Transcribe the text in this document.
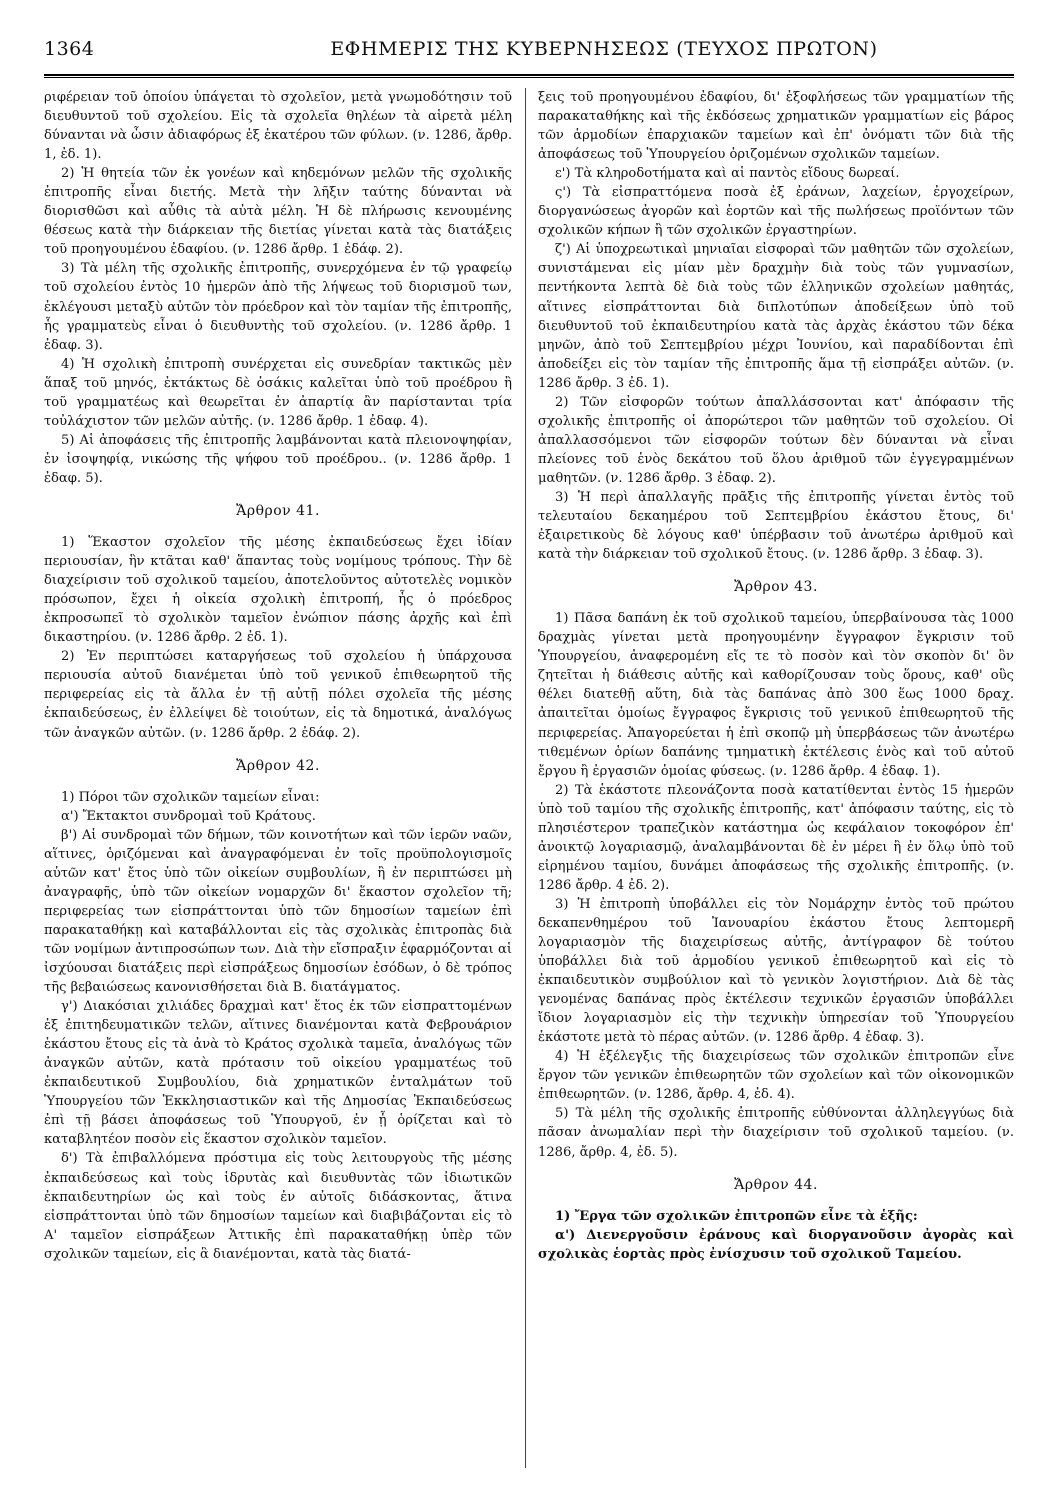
1364	ΕΦΗΜΕΡΙΣ ΤΗΣ ΚΥΒΕΡΝΗΣΕΩΣ (ΤΕΥΧΟΣ ΠΡΩΤΟΝ)

ριφέρειαν τοῦ ὁποίου ὑπάγεται τὸ σχολεῖον, μετὰ γνωμοδότησιν τοῦ διευθυντοῦ τοῦ σχολείου. Εἰς τὰ σχολεῖα θηλέων τὰ αἱρετὰ μέλη δύνανται νὰ ὦσιν ἀδιαφόρως ἐξ ἑκατέρου τῶν φύλων. (ν. 1286, ἄρθρ. 1, ἐδ. 1).

2) Ἡ θητεία τῶν ἐκ γονέων καὶ κηδεμόνων μελῶν τῆς σχολικῆς ἐπιτροπῆς εἶναι διετής. Μετὰ τὴν λῆξιν ταύτης δύνανται νὰ διορισθῶσι καὶ αὖθις τὰ αὐτὰ μέλη. Ἡ δὲ πλήρωσις κενουμένης θέσεως κατὰ τὴν διάρκειαν τῆς διετίας γίνεται κατὰ τὰς διατάξεις τοῦ προηγουμένου ἐδαφίου. (ν. 1286 ἄρθρ. 1 ἐδάφ. 2).

3) Τὰ μέλη τῆς σχολικῆς ἐπιτροπῆς, συνερχόμενα ἐν τῷ γραφείῳ τοῦ σχολείου ἐντὸς 10 ἡμερῶν ἀπὸ τῆς λήψεως τοῦ διορισμοῦ των, ἐκλέγουσι μεταξὺ αὐτῶν τὸν πρόεδρον καὶ τὸν ταμίαν τῆς ἐπιτροπῆς, ἧς γραμματεὺς εἶναι ὁ διευθυντὴς τοῦ σχολείου. (ν. 1286 ἄρθρ. 1 ἐδαφ. 3).

4) Ἡ σχολικὴ ἐπιτροπὴ συνέρχεται εἰς συνεδρίαν τακτικῶς μὲν ἅπαξ τοῦ μηνός, ἐκτάκτως δὲ ὁσάκις καλεῖται ὑπὸ τοῦ προέδρου ἢ τοῦ γραμματέως καὶ θεωρεῖται ἐν ἀπαρτίᾳ ἂν παρίστανται τρία τοὐλάχιστον τῶν μελῶν αὐτῆς. (ν. 1286 ἄρθρ. 1 ἐδαφ. 4).

5) Αἱ ἀποφάσεις τῆς ἐπιτροπῆς λαμβάνονται κατὰ πλειονοψηφίαν, ἐν ἰσοψηφίᾳ, νικώσης τῆς ψήφου τοῦ προέδρου.. (ν. 1286 ἄρθρ. 1 ἐδαφ. 5).

Ἄρθρον 41.

1) Ἕκαστον σχολεῖον τῆς μέσης ἐκπαιδεύσεως ἔχει ἰδίαν περιουσίαν, ἣν κτᾶται καθ' ἅπαντας τοὺς νομίμους τρόπους. Τὴν δὲ διαχείρισιν τοῦ σχολικοῦ ταμείου, ἀποτελοῦντος αὐτοτελὲς νομικὸν πρόσωπον, ἔχει ἡ οἰκεία σχολικὴ ἐπιτροπή, ἧς ὁ πρόεδρος ἐκπροσωπεῖ τὸ σχολικὸν ταμεῖον ἐνώπιον πάσης ἀρχῆς καὶ ἐπὶ δικαστηρίου. (ν. 1286 ἄρθρ. 2 ἐδ. 1).

2) Ἐν περιπτώσει καταργήσεως τοῦ σχολείου ἡ ὑπάρχουσα περιουσία αὐτοῦ διανέμεται ὑπὸ τοῦ γενικοῦ ἐπιθεωρητοῦ τῆς περιφερείας εἰς τὰ ἄλλα ἐν τῇ αὐτῇ πόλει σχολεῖα τῆς μέσης ἐκπαιδεύσεως, ἐν ἐλλείψει δὲ τοιούτων, εἰς τὰ δημοτικά, ἀναλόγως τῶν ἀναγκῶν αὐτῶν. (ν. 1286 ἄρθρ. 2 ἐδάφ. 2).

Ἄρθρον 42.

1) Πόροι τῶν σχολικῶν ταμείων εἶναι:

α') Ἔκτακτοι συνδρομαὶ τοῦ Κράτους.

β') Αἱ συνδρομαὶ τῶν δήμων, τῶν κοινοτήτων καὶ τῶν ἱερῶν ναῶν, αἵτινες, ὁριζόμεναι καὶ ἀναγραφόμεναι ἐν τοῖς προϋπολογισμοῖς αὐτῶν κατ' ἔτος ὑπὸ τῶν οἰκείων συμβουλίων, ἢ ἐν περιπτώσει μὴ ἀναγραφῆς, ὑπὸ τῶν οἰκείων νομαρχῶν δι' ἕκαστον σχολεῖον τῆ; περιφερείας των εἰσπράττονται ὑπὸ τῶν δημοσίων ταμείων ἐπὶ παρακαταθήκῃ καὶ καταβάλλονται εἰς τὰς σχολικὰς ἐπιτροπὰς διὰ τῶν νομίμων ἀντιπροσώπων των. Διὰ τὴν εἴσπραξιν ἐφαρμόζονται αἱ ἰσχύουσαι διατάξεις περὶ εἰσπράξεως δημοσίων ἐσόδων, ὁ δὲ τρόπος τῆς βεβαιώσεως κανονισθήσεται διὰ Β. διατάγματος.

γ') Διακόσιαι χιλιάδες δραχμαὶ κατ' ἔτος ἐκ τῶν εἰσπραττομένων ἐξ ἐπιτηδευματικῶν τελῶν, αἵτινες διανέμονται κατὰ Φεβρουάριον ἑκάστου ἔτους εἰς τὰ ἀνὰ τὸ Κράτος σχολικὰ ταμεῖα, ἀναλόγως τῶν ἀναγκῶν αὐτῶν, κατὰ πρότασιν τοῦ οἰκείου γραμματέως τοῦ ἐκπαιδευτικοῦ Συμβουλίου, διὰ χρηματικῶν ἐνταλμάτων τοῦ Ὑπουργείου τῶν Ἐκκλησιαστικῶν καὶ τῆς Δημοσίας Ἐκπαιδεύσεως ἐπὶ τῇ βάσει ἀποφάσεως τοῦ Ὑπουργοῦ, ἐν ᾗ ὁρίζεται καὶ τὸ καταβλητέον ποσὸν εἰς ἕκαστον σχολικὸν ταμεῖον.

δ') Τὰ ἐπιβαλλόμενα πρόστιμα εἰς τοὺς λειτουργοὺς τῆς μέσης ἐκπαιδεύσεως καὶ τοὺς ἱδρυτὰς καὶ διευθυντὰς τῶν ἰδιωτικῶν ἐκπαιδευτηρίων ὡς καὶ τοὺς ἐν αὐτοῖς διδάσκοντας, ἅτινα εἰσπράττονται ὑπὸ τῶν δημοσίων ταμείων καὶ διαβιβάζονται εἰς τὸ Α' ταμεῖον εἰσπράξεων Ἀττικῆς ἐπὶ παρακαταθήκῃ ὑπὲρ τῶν σχολικῶν ταμείων, εἰς ἃ διανέμονται, κατὰ τὰς διατά-

ξεις τοῦ προηγουμένου ἐδαφίου, δι' ἐξοφλήσεως τῶν γραμματίων τῆς παρακαταθήκης καὶ τῆς ἐκδόσεως χρηματικῶν γραμματίων εἰς βάρος τῶν ἁρμοδίων ἐπαρχιακῶν ταμείων καὶ ἐπ' ὀνόματι τῶν διὰ τῆς ἀποφάσεως τοῦ Ὑπουργείου ὁριζομένων σχολικῶν ταμείων.

ε') Τὰ κληροδοτήματα καὶ αἱ παντὸς εἴδους δωρεαί.

ς') Τὰ εἰσπραττόμενα ποσὰ ἐξ ἐράνων, λαχείων, ἐργοχείρων, διοργανώσεως ἀγορῶν καὶ ἑορτῶν καὶ τῆς πωλήσεως προϊόντων τῶν σχολικῶν κήπων ἢ τῶν σχολικῶν ἐργαστηρίων.

ζ') Αἱ ὑποχρεωτικαὶ μηνιαῖαι εἰσφοραὶ τῶν μαθητῶν τῶν σχολείων, συνιστάμεναι εἰς μίαν μὲν δραχμὴν διὰ τοὺς τῶν γυμνασίων, πεντήκοντα λεπτὰ δὲ διὰ τοὺς τῶν ἑλληνικῶν σχολείων μαθητάς, αἵτινες εἰσπράττονται διὰ διπλοτύπων ἀποδείξεων ὑπὸ τοῦ διευθυντοῦ τοῦ ἐκπαιδευτηρίου κατὰ τὰς ἀρχὰς ἑκάστου τῶν δέκα μηνῶν, ἀπὸ τοῦ Σεπτεμβρίου μέχρι Ἰουνίου, καὶ παραδίδονται ἐπὶ ἀποδείξει εἰς τὸν ταμίαν τῆς ἐπιτροπῆς ἅμα τῇ εἰσπράξει αὐτῶν. (ν. 1286 ἄρθρ. 3 ἐδ. 1).

2) Τῶν εἰσφορῶν τούτων ἀπαλλάσσονται κατ' ἀπόφασιν τῆς σχολικῆς ἐπιτροπῆς οἱ ἀπορώτεροι τῶν μαθητῶν τοῦ σχολείου. Οἱ ἀπαλλασσόμενοι τῶν εἰσφορῶν τούτων δὲν δύνανται νὰ εἶναι πλείονες τοῦ ἑνὸς δεκάτου τοῦ ὅλου ἀριθμοῦ τῶν ἐγγεγραμμένων μαθητῶν. (ν. 1286 ἄρθρ. 3 ἐδαφ. 2).

3) Ἡ περὶ ἀπαλλαγῆς πρᾶξις τῆς ἐπιτροπῆς γίνεται ἐντὸς τοῦ τελευταίου δεκαημέρου τοῦ Σεπτεμβρίου ἑκάστου ἔτους, δι' ἐξαιρετικοὺς δὲ λόγους καθ' ὑπέρβασιν τοῦ ἀνωτέρω ἀριθμοῦ καὶ κατὰ τὴν διάρκειαν τοῦ σχολικοῦ ἔτους. (ν. 1286 ἄρθρ. 3 ἐδαφ. 3).

Ἄρθρον 43.

1) Πᾶσα δαπάνη ἐκ τοῦ σχολικοῦ ταμείου, ὑπερβαίνουσα τὰς 1000 δραχμὰς γίνεται μετὰ προηγουμένην ἔγγραφον ἔγκρισιν τοῦ Ὑπουργείου, ἀναφερομένη εἴς τε τὸ ποσὸν καὶ τὸν σκοπὸν δι' ὃν ζητεῖται ἡ διάθεσις αὐτῆς καὶ καθορίζουσαν τοὺς ὅρους, καθ' οὓς θέλει διατεθῇ αὕτη, διὰ τὰς δαπάνας ἀπὸ 300 ἕως 1000 δραχ. ἀπαιτεῖται ὁμοίως ἔγγραφος ἔγκρισις τοῦ γενικοῦ ἐπιθεωρητοῦ τῆς περιφερείας. Ἀπαγορεύεται ἡ ἐπὶ σκοπῷ μὴ ὑπερβάσεως τῶν ἀνωτέρω τιθεμένων ὁρίων δαπάνης τμηματικὴ ἐκτέλεσις ἑνὸς καὶ τοῦ αὐτοῦ ἔργου ἢ ἐργασιῶν ὁμοίας φύσεως. (ν. 1286 ἄρθρ. 4 ἐδαφ. 1).

2) Τὰ ἑκάστοτε πλεονάζοντα ποσὰ κατατίθενται ἐντὸς 15 ἡμερῶν ὑπὸ τοῦ ταμίου τῆς σχολικῆς ἐπιτροπῆς, κατ' ἀπόφασιν ταύτης, εἰς τὸ πλησιέστερον τραπεζικὸν κατάστημα ὡς κεφάλαιον τοκοφόρον ἐπ' ἀνοικτῷ λογαριασμῷ, ἀναλαμβάνονται δὲ ἐν μέρει ἢ ἐν ὅλῳ ὑπὸ τοῦ εἰρημένου ταμίου, δυνάμει ἀποφάσεως τῆς σχολικῆς ἐπιτροπῆς. (ν. 1286 ἄρθρ. 4 ἐδ. 2).

3) Ἡ ἐπιτροπὴ ὑποβάλλει εἰς τὸν Νομάρχην ἐντὸς τοῦ πρώτου δεκαπενθημέρου τοῦ Ἰανουαρίου ἑκάστου ἔτους λεπτομερῆ λογαριασμὸν τῆς διαχειρίσεως αὐτῆς, ἀντίγραφον δὲ τούτου ὑποβάλλει διὰ τοῦ ἁρμοδίου γενικοῦ ἐπιθεωρητοῦ καὶ εἰς τὸ ἐκπαιδευτικὸν συμβούλιον καὶ τὸ γενικὸν λογιστήριον. Διὰ δὲ τὰς γενομένας δαπάνας πρὸς ἐκτέλεσιν τεχνικῶν ἐργασιῶν ὑποβάλλει ἴδιον λογαριασμὸν εἰς τὴν τεχνικὴν ὑπηρεσίαν τοῦ Ὑπουργείου ἑκάστοτε μετὰ τὸ πέρας αὐτῶν. (ν. 1286 ἄρθρ. 4 ἐδαφ. 3).

4) Ἡ ἐξέλεγξις τῆς διαχειρίσεως τῶν σχολικῶν ἐπιτροπῶν εἶνε ἔργον τῶν γενικῶν ἐπιθεωρητῶν τῶν σχολείων καὶ τῶν οἰκονομικῶν ἐπιθεωρητῶν. (ν. 1286, ἄρθρ. 4, ἐδ. 4).

5) Τὰ μέλη τῆς σχολικῆς ἐπιτροπῆς εὐθύνονται ἀλληλεγγύως διὰ πᾶσαν ἀνωμαλίαν περὶ τὴν διαχείρισιν τοῦ σχολικοῦ ταμείου. (ν. 1286, ἄρθρ. 4, ἐδ. 5).

Ἄρθρον 44.

1) Ἔργα τῶν σχολικῶν ἐπιτροπῶν εἶνε τὰ ἑξῆς:

α') Διενεργοῦσιν ἐράνους καὶ διοργανοῦσιν ἀγορὰς καὶ σχολικὰς ἑορτὰς πρὸς ἐνίσχυσιν τοῦ σχολικοῦ Ταμείου.
